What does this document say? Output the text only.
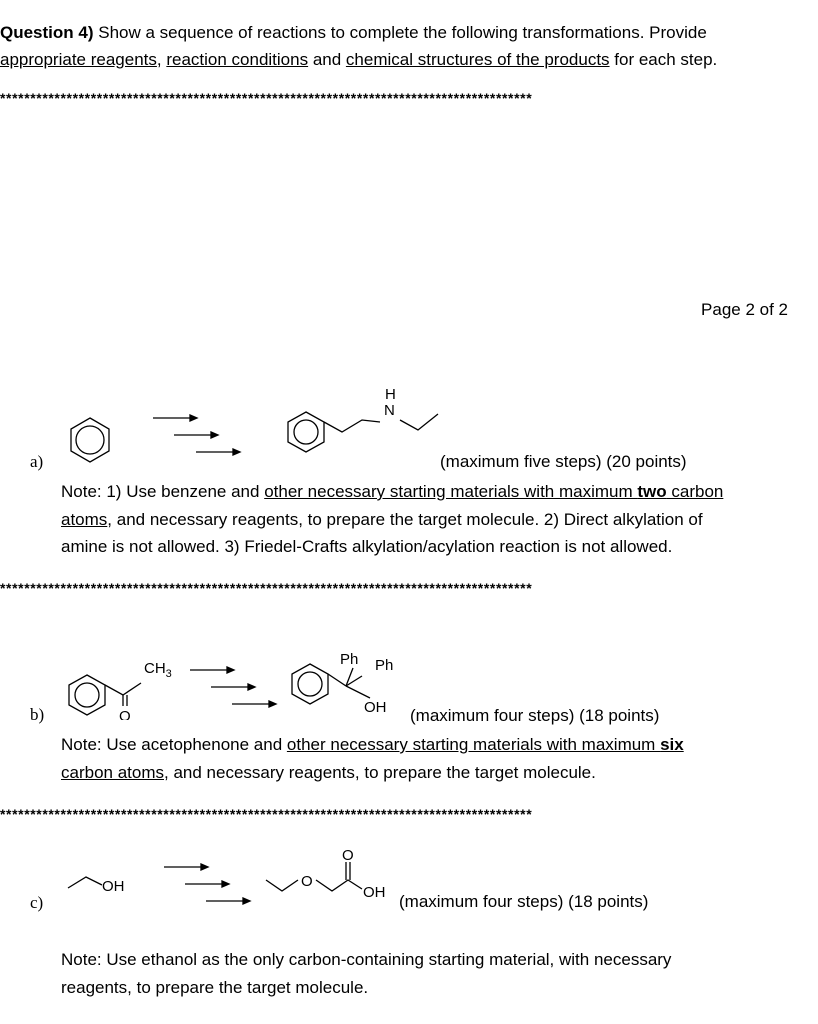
Question 4) Show a sequence of reactions to complete the following transformations. Provide
appropriate reagents, reaction conditions and chemical structures of the products for each step.
****************************************************************************************
Page 2 of 2
a)
H
N
(maximum five steps) (20 points)
Note: 1) Use benzene and other necessary starting materials with maximum two carbon
atoms, and necessary reagents, to prepare the target molecule. 2) Direct alkylation of
amine is not allowed. 3) Friedel-Crafts alkylation/acylation reaction is not allowed.
****************************************************************************************
b)
$CH_3$
O
Ph Ph
OH (maximum four steps) (18 points)
Note: Use acetophenone and other necessary starting materials with maximum six
carbon atoms, and necessary reagents, to prepare the target molecule.
****************************************************************************************
c)
OH	O
O
OH (maximum four steps) (18 points)
Note: Use ethanol as the only carbon-containing starting material, with necessary
reagents, to prepare the target molecule.
